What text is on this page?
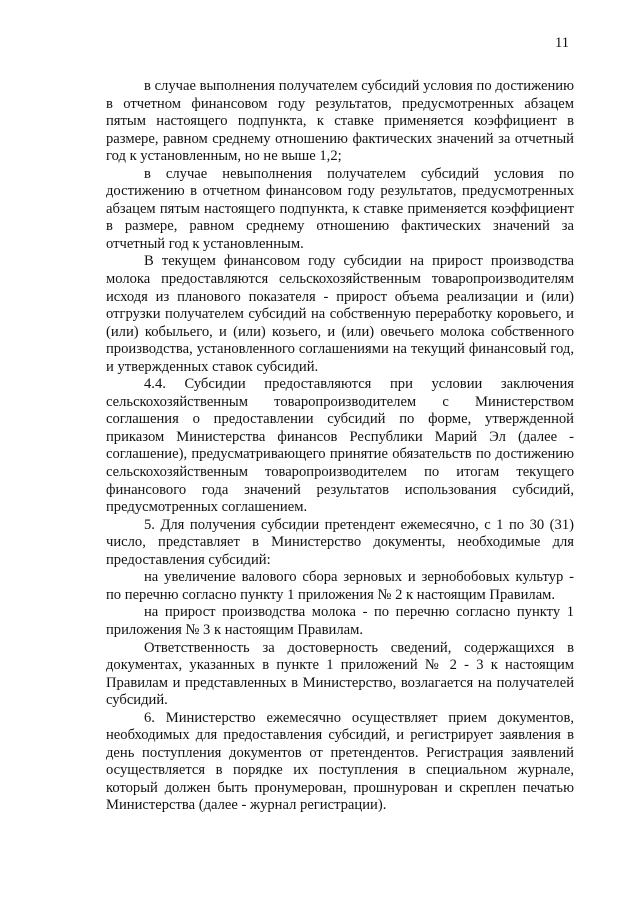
11

в случае выполнения получателем субсидий условия по достижению в отчетном финансовом году результатов, предусмотренных абзацем пятым настоящего подпункта, к ставке применяется коэффициент в размере, равном среднему отношению фактических значений за отчетный год к установленным, но не выше 1,2;

в случае невыполнения получателем субсидий условия по достижению в отчетном финансовом году результатов, предусмотренных абзацем пятым настоящего подпункта, к ставке применяется коэффициент в размере, равном среднему отношению фактических значений за отчетный год к установленным.

В текущем финансовом году субсидии на прирост производства молока предоставляются сельскохозяйственным товаропроизводителям исходя из планового показателя - прирост объема реализации и (или) отгрузки получателем субсидий на собственную переработку коровьего, и (или) кобыльего, и (или) козьего, и (или) овечьего молока собственного производства, установленного соглашениями на текущий финансовый год, и утвержденных ставок субсидий.

4.4. Субсидии предоставляются при условии заключения сельскохозяйственным товаропроизводителем с Министерством соглашения о предоставлении субсидий по форме, утвержденной приказом Министерства финансов Республики Марий Эл (далее - соглашение), предусматривающего принятие обязательств по достижению сельскохозяйственным товаропроизводителем по итогам текущего финансового года значений результатов использования субсидий, предусмотренных соглашением.

5. Для получения субсидии претендент ежемесячно, с 1 по 30 (31) число, представляет в Министерство документы, необходимые для предоставления субсидий:

на увеличение валового сбора зерновых и зернобобовых культур - по перечню согласно пункту 1 приложения № 2 к настоящим Правилам.

на прирост производства молока - по перечню согласно пункту 1 приложения № 3 к настоящим Правилам.

Ответственность за достоверность сведений, содержащихся в документах, указанных в пункте 1 приложений № 2 - 3 к настоящим Правилам и представленных в Министерство, возлагается на получателей субсидий.

6. Министерство ежемесячно осуществляет прием документов, необходимых для предоставления субсидий, и регистрирует заявления в день поступления документов от претендентов. Регистрация заявлений осуществляется в порядке их поступления в специальном журнале, который должен быть пронумерован, прошнурован и скреплен печатью Министерства (далее - журнал регистрации).
